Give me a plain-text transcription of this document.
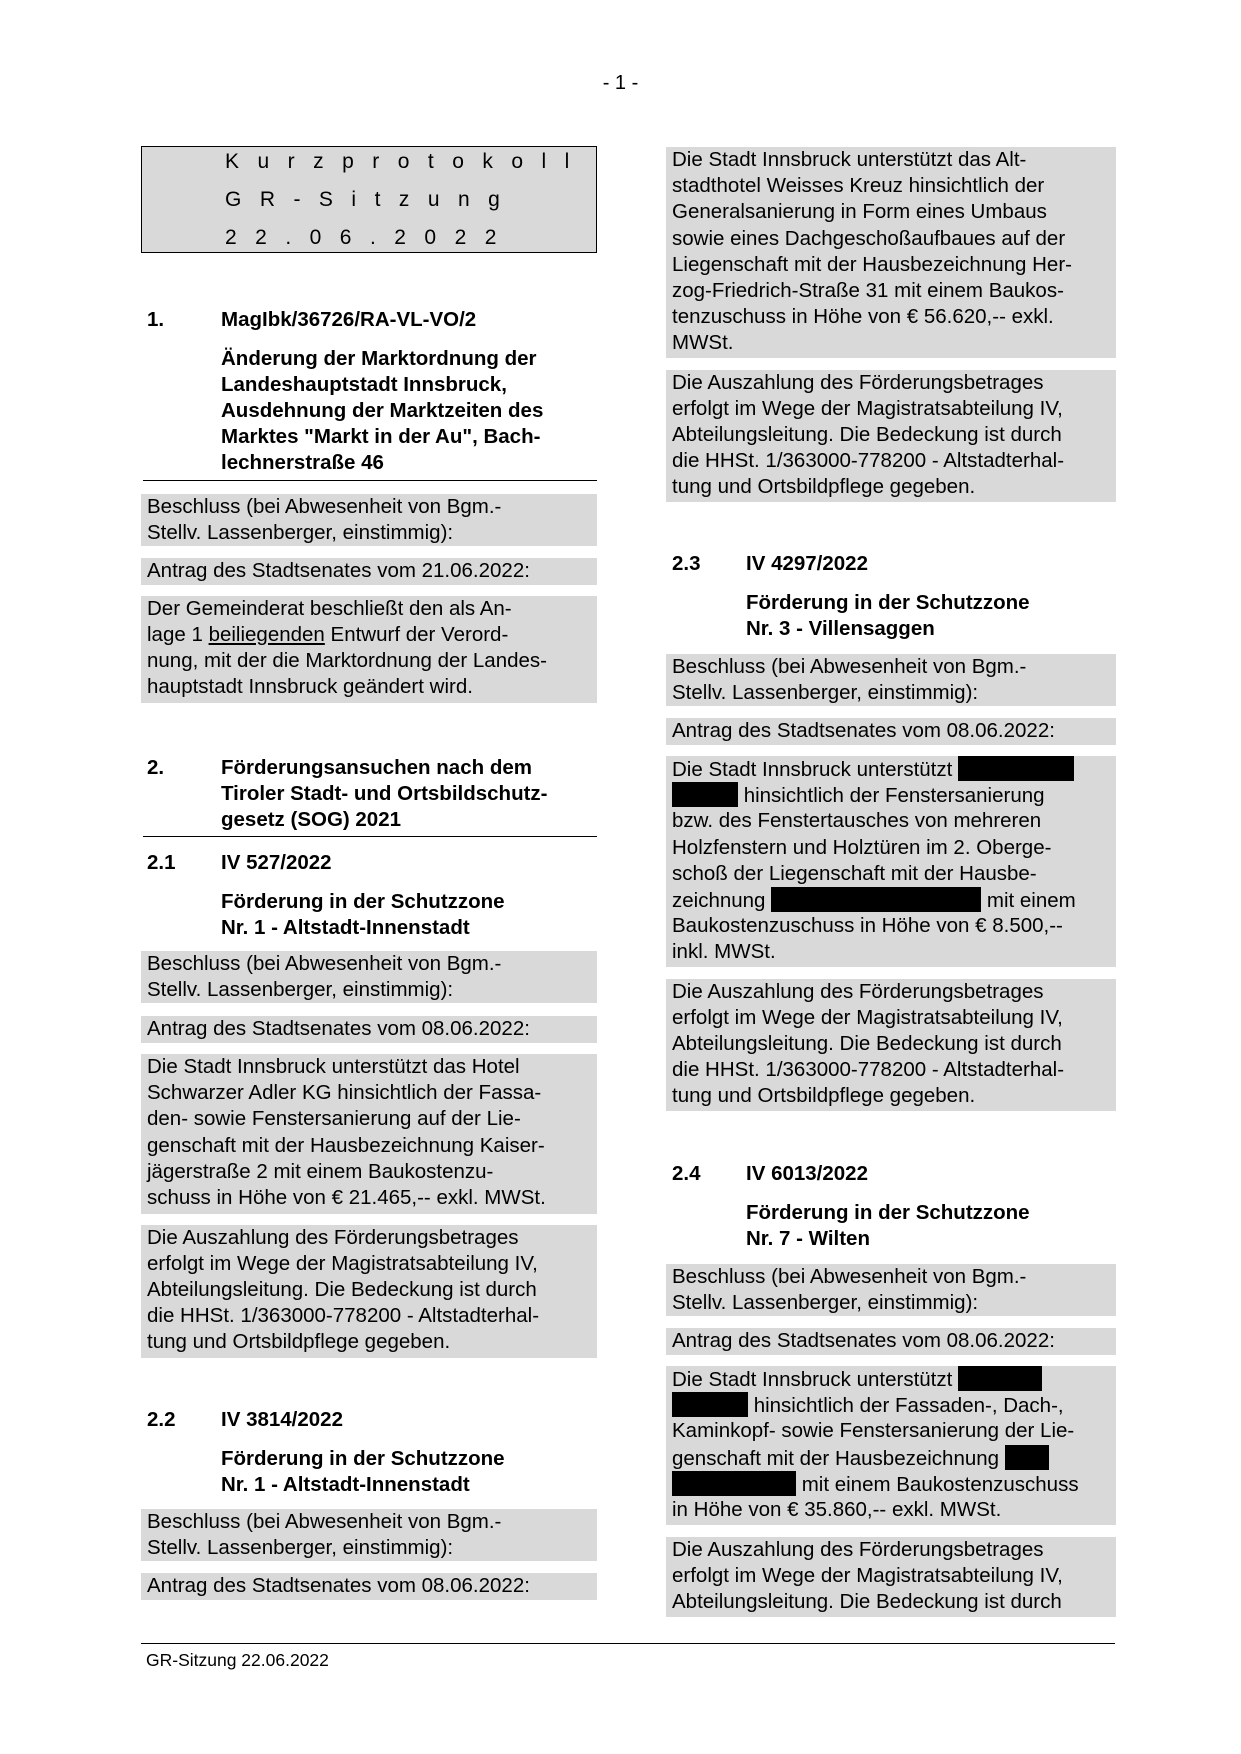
- 1 -
Kurzprotokoll
GR-Sitzung
22.06.2022
1.	MagIbk/36726/RA-VL-VO/2
Änderung der Marktordnung der
Landeshauptstadt Innsbruck,
Ausdehnung der Marktzeiten des
Marktes "Markt in der Au", Bach-
lechnerstraße 46
Beschluss (bei Abwesenheit von Bgm.-
Stellv. Lassenberger, einstimmig):
Antrag des Stadtsenates vom 21.06.2022:
Der Gemeinderat beschließt den als An-
lage 1 beiliegenden Entwurf der Verord-
nung, mit der die Marktordnung der Landes-
hauptstadt Innsbruck geändert wird.
2.	Förderungsansuchen nach dem
Tiroler Stadt- und Ortsbildschutz-
gesetz (SOG) 2021
2.1 IV 527/2022
Förderung in der Schutzzone
Nr. 1 - Altstadt-Innenstadt
Beschluss (bei Abwesenheit von Bgm.-
Stellv. Lassenberger, einstimmig):
Antrag des Stadtsenates vom 08.06.2022:
Die Stadt Innsbruck unterstützt das Hotel
Schwarzer Adler KG hinsichtlich der Fassa-
den- sowie Fenstersanierung auf der Lie-
genschaft mit der Hausbezeichnung Kaiser-
jägerstraße 2 mit einem Baukostenzu-
schuss in Höhe von € 21.465,-- exkl. MWSt.
Die Auszahlung des Förderungsbetrages
erfolgt im Wege der Magistratsabteilung IV,
Abteilungsleitung. Die Bedeckung ist durch
die HHSt. 1/363000-778200 - Altstadterhal-
tung und Ortsbildpflege gegeben.
2.2 IV 3814/2022
Förderung in der Schutzzone
Nr. 1 - Altstadt-Innenstadt
Beschluss (bei Abwesenheit von Bgm.-
Stellv. Lassenberger, einstimmig):
Antrag des Stadtsenates vom 08.06.2022:
Die Stadt Innsbruck unterstützt das Alt-
stadthotel Weisses Kreuz hinsichtlich der
Generalsanierung in Form eines Umbaus
sowie eines Dachgeschoßaufbaues auf der
Liegenschaft mit der Hausbezeichnung Her-
zog-Friedrich-Straße 31 mit einem Baukos-
tenzuschuss in Höhe von € 56.620,-- exkl.
MWSt.
Die Auszahlung des Förderungsbetrages
erfolgt im Wege der Magistratsabteilung IV,
Abteilungsleitung. Die Bedeckung ist durch
die HHSt. 1/363000-778200 - Altstadterhal-
tung und Ortsbildpflege gegeben.
2.3 IV 4297/2022
Förderung in der Schutzzone
Nr. 3 - Villensaggen
Beschluss (bei Abwesenheit von Bgm.-
Stellv. Lassenberger, einstimmig):
Antrag des Stadtsenates vom 08.06.2022:
Die Stadt Innsbruck unterstützt
hinsichtlich der Fenstersanierung
bzw. des Fenstertausches von mehreren
Holzfenstern und Holztüren im 2. Oberge-
schoß der Liegenschaft mit der Hausbe-
zeichnung	mit einem
Baukostenzuschuss in Höhe von € 8.500,--
inkl. MWSt.
Die Auszahlung des Förderungsbetrages
erfolgt im Wege der Magistratsabteilung IV,
Abteilungsleitung. Die Bedeckung ist durch
die HHSt. 1/363000-778200 - Altstadterhal-
tung und Ortsbildpflege gegeben.
2.4 IV 6013/2022
Förderung in der Schutzzone
Nr. 7 - Wilten
Beschluss (bei Abwesenheit von Bgm.-
Stellv. Lassenberger, einstimmig):
Antrag des Stadtsenates vom 08.06.2022:
Die Stadt Innsbruck unterstützt
hinsichtlich der Fassaden-, Dach-,
Kaminkopf- sowie Fenstersanierung der Lie-
genschaft mit der Hausbezeichnung
mit einem Baukostenzuschuss
in Höhe von € 35.860,-- exkl. MWSt.
Die Auszahlung des Förderungsbetrages
erfolgt im Wege der Magistratsabteilung IV,
Abteilungsleitung. Die Bedeckung ist durch
GR-Sitzung 22.06.2022
